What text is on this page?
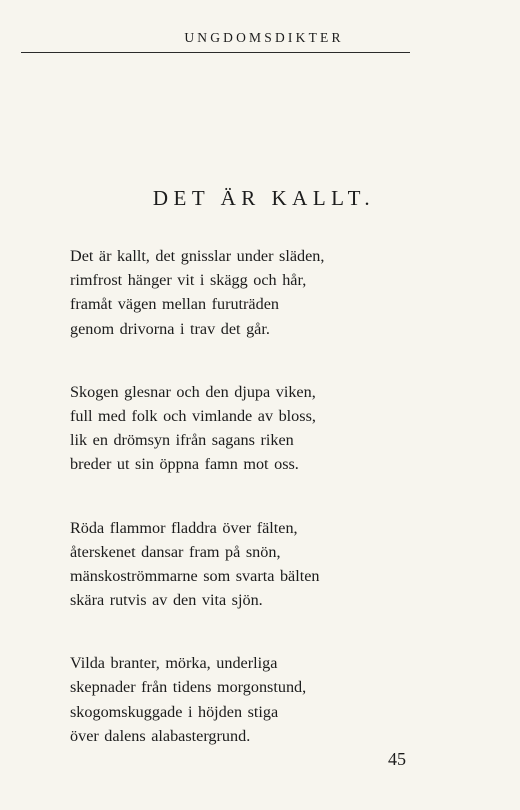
UNGDOMSDIKTER
DET ÄR KALLT.
Det är kallt, det gnisslar under släden,
rimfrost hänger vit i skägg och hår,
framåt vägen mellan furuträden
genom drivorna i trav det går.
Skogen glesnar och den djupa viken,
full med folk och vimlande av bloss,
lik en drömsyn ifrån sagans riken
breder ut sin öppna famn mot oss.
Röda flammor fladdra över fälten,
återskenet dansar fram på snön,
mänskoströmmarne som svarta bälten
skära rutvis av den vita sjön.
Vilda branter, mörka, underliga
skepnader från tidens morgonstund,
skogomskuggade i höjden stiga
över dalens alabastergrund.
45
